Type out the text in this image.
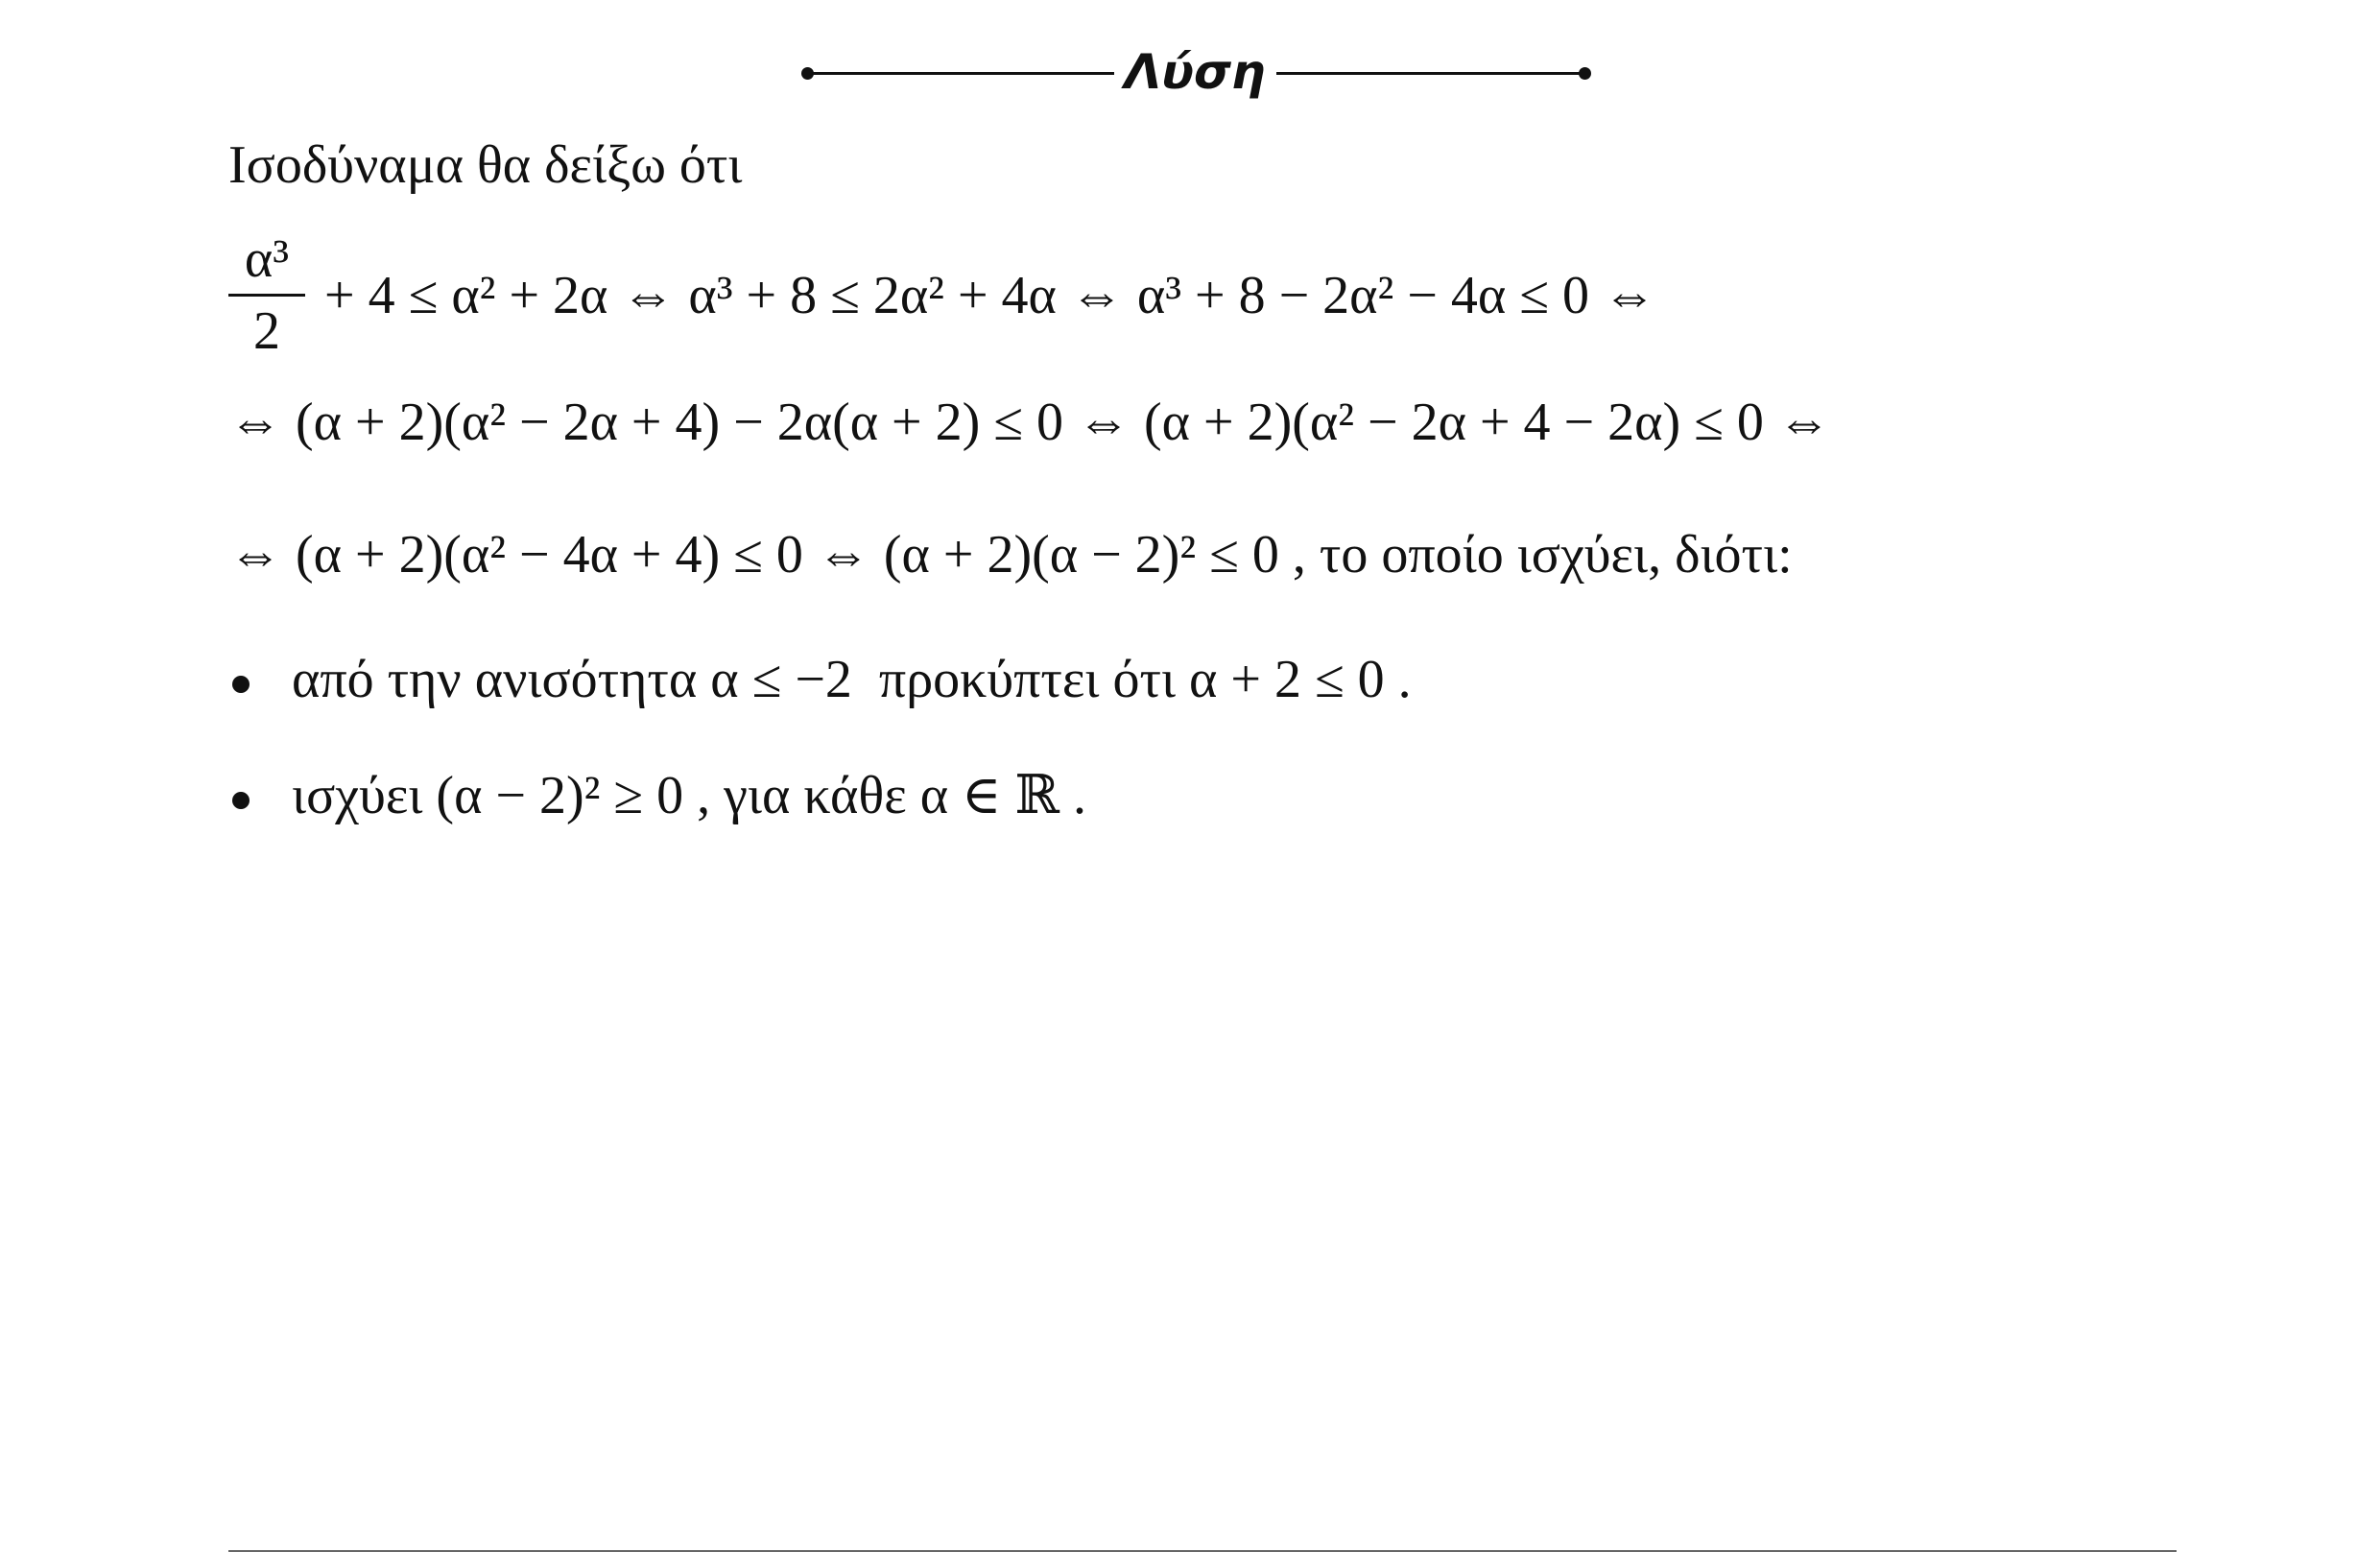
Λύση
Ισοδύναμα θα δείξω ότι
α³
2
+ 4 ≤ α² + 2α ⇔ α³ + 8 ≤ 2α² + 4α ⇔ α³ + 8 − 2α² − 4α ≤ 0 ⇔
⇔ (α + 2)(α² − 2α + 4) − 2α(α + 2) ≤ 0 ⇔ (α + 2)(α² − 2α + 4 − 2α) ≤ 0 ⇔
⇔ (α + 2)(α² − 4α + 4) ≤ 0 ⇔ (α + 2)(α − 2)² ≤ 0 , το οποίο ισχύει, διότι:
από την ανισότητα α ≤ −2  προκύπτει ότι α + 2 ≤ 0 .
ισχύει (α − 2)² ≥ 0 , για κάθε α ∈ ℝ .
